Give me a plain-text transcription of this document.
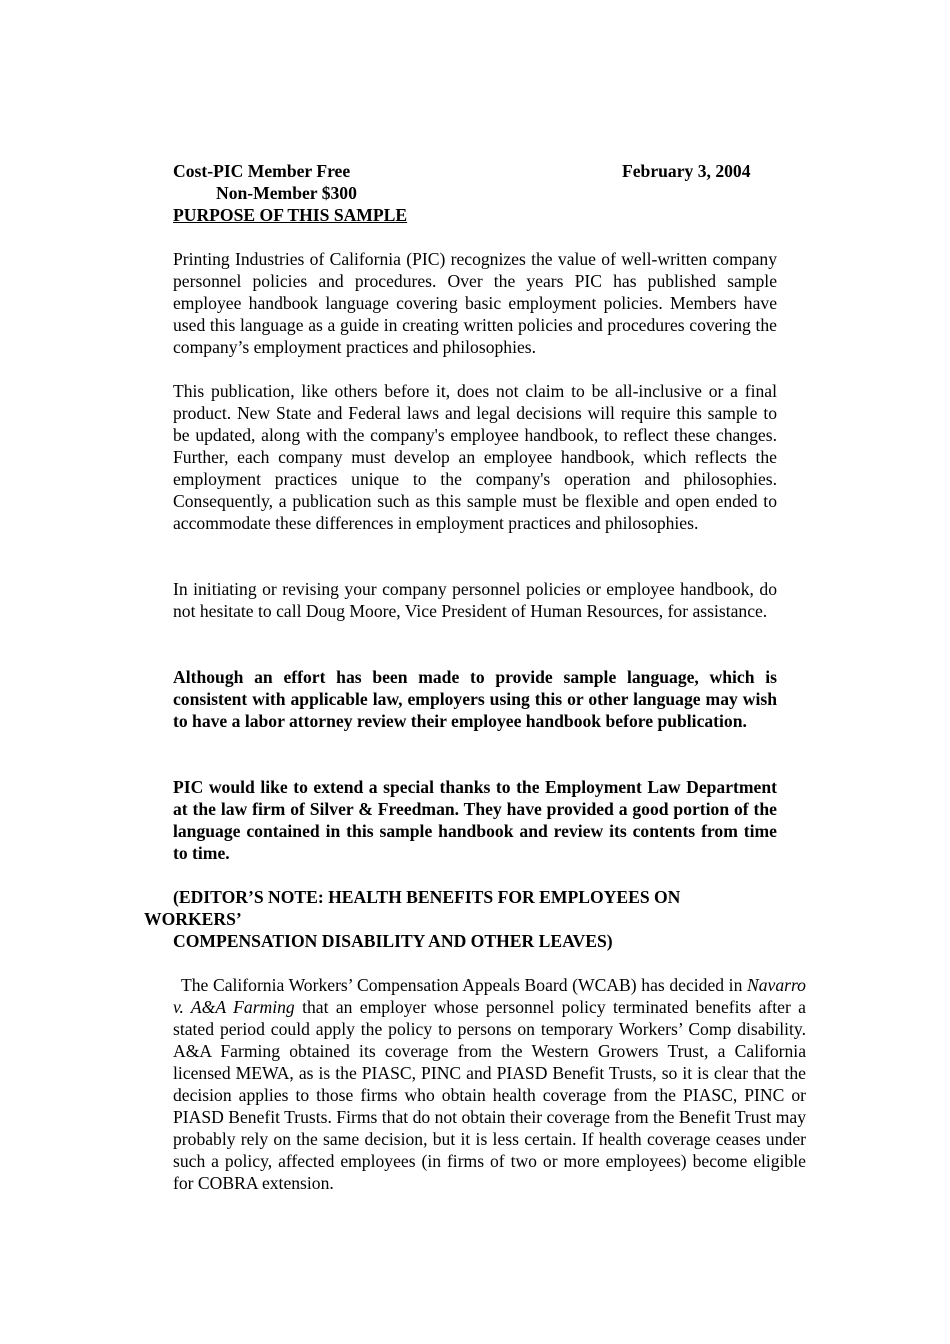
Cost-PIC Member Free	February 3, 2004
Non-Member $300
PURPOSE OF THIS SAMPLE

Printing Industries of California (PIC) recognizes the value of well-written company personnel policies and procedures. Over the years PIC has published sample employee handbook language covering basic employment policies. Members have used this language as a guide in creating written policies and procedures covering the company’s employment practices and philosophies.

This publication, like others before it, does not claim to be all-inclusive or a final product. New State and Federal laws and legal decisions will require this sample to be updated, along with the company's employee handbook, to reflect these changes. Further, each company must develop an employee handbook, which reflects the employment practices unique to the company's operation and philosophies. Consequently, a publication such as this sample must be flexible and open ended to accommodate these differences in employment practices and philosophies.

In initiating or revising your company personnel policies or employee handbook, do not hesitate to call Doug Moore, Vice President of Human Resources, for assistance.

Although an effort has been made to provide sample language, which is consistent with applicable law, employers using this or other language may wish to have a labor attorney review their employee handbook before publication.

PIC would like to extend a special thanks to the Employment Law Department at the law firm of Silver & Freedman. They have provided a good portion of the language contained in this sample handbook and review its contents from time to time.

(EDITOR’S NOTE: HEALTH BENEFITS FOR EMPLOYEES ON
WORKERS’
COMPENSATION DISABILITY AND OTHER LEAVES)

The California Workers’ Compensation Appeals Board (WCAB) has decided in Navarro v. A&A Farming that an employer whose personnel policy terminated benefits after a stated period could apply the policy to persons on temporary Workers’ Comp disability. A&A Farming obtained its coverage from the Western Growers Trust, a California licensed MEWA, as is the PIASC, PINC and PIASD Benefit Trusts, so it is clear that the decision applies to those firms who obtain health coverage from the PIASC, PINC or PIASD Benefit Trusts. Firms that do not obtain their coverage from the Benefit Trust may probably rely on the same decision, but it is less certain. If health coverage ceases under such a policy, affected employees (in firms of two or more employees) become eligible for COBRA extension.
